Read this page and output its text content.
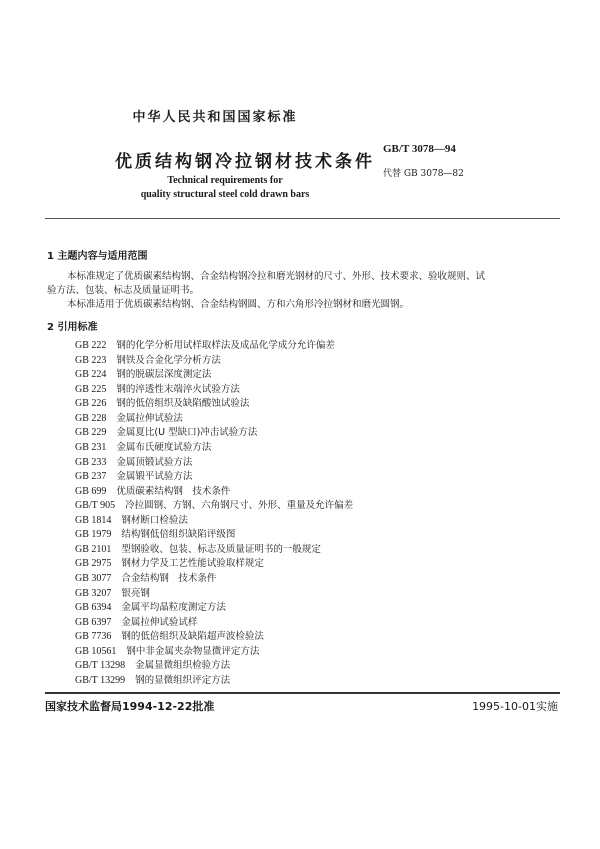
中华人民共和国国家标准
优质结构钢冷拉钢材技术条件
GB/T 3078—94
代替 GB 3078—82
Technical requirements for
quality structural steel cold drawn bars
1 主题内容与适用范围
本标准规定了优质碳素结构钢、合金结构钢冷拉和磨光钢材的尺寸、外形、技术要求、验收规则、试
验方法、包装、标志及质量证明书。
本标准适用于优质碳素结构钢、合金结构钢圆、方和六角形冷拉钢材和磨光圆钢。
2 引用标准
GB 222 钢的化学分析用试样取样法及成品化学成分允许偏差
GB 223 钢铁及合金化学分析方法
GB 224 钢的脱碳层深度测定法
GB 225 钢的淬透性末端淬火试验方法
GB 226 钢的低倍组织及缺陷酸蚀试验法
GB 228 金属拉伸试验法
GB 229 金属夏比(U 型缺口)冲击试验方法
GB 231 金属布氏硬度试验方法
GB 233 金属顶锻试验方法
GB 237 金属锻平试验方法
GB 699 优质碳素结构钢　技术条件
GB/T 905 冷拉圆钢、方钢、六角钢尺寸、外形、重量及允许偏差
GB 1814 钢材断口检验法
GB 1979 结构钢低倍组织缺陷评级图
GB 2101 型钢验收、包装、标志及质量证明书的一般规定
GB 2975 钢材力学及工艺性能试验取样规定
GB 3077 合金结构钢　技术条件
GB 3207 银亮钢
GB 6394 金属平均晶粒度测定方法
GB 6397 金属拉伸试验试样
GB 7736 钢的低倍组织及缺陷超声波检验法
GB 10561 钢中非金属夹杂物显微评定方法
GB/T 13298 金属显微组织检验方法
GB/T 13299 钢的显微组织评定方法
国家技术监督局1994-12-22批准	1995-10-01实施
